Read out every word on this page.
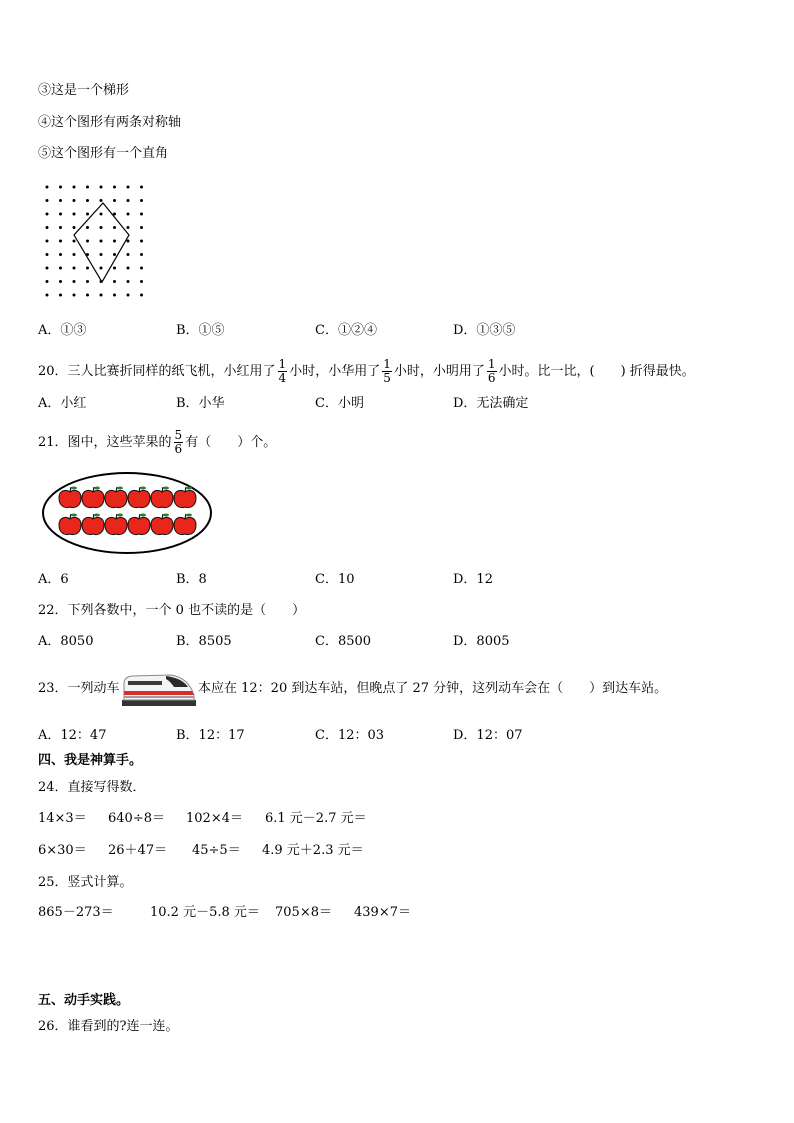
③这是一个梯形
④这个图形有两条对称轴
⑤这个图形有一个直角
A．①③	B．①⑤	C．①②④	D．①③⑤
20．三人比赛折同样的纸飞机，小红用了 $\frac{1}{4}$ 小时，小华用了 $\frac{1}{5}$ 小时，小明用了 $\frac{1}{6}$ 小时。比一比，(　　) 折得最快。
A．小红	B．小华	C．小明	D．无法确定
21．图中，这些苹果的 $\frac{5}{6}$ 有（　　）个。
A．6	B．8	C．10	D．12
22．下列各数中，一个 0 也不读的是（　　）
A．8050	B．8505	C．8500	D．8005
23．一列动车	本应在 12：20 到达车站，但晚点了 27 分钟，这列动车会在（　　）到达车站。
A．12：47	B．12：17	C．12：03	D．12：07
四、我是神算手。
24．直接写得数．
14×3＝ 640÷8＝ 102×4＝ 6.1 元－2.7 元＝
6×30＝ 26＋47＝ 45÷5＝ 4.9 元＋2.3 元＝
25．竖式计算。
865－273＝	10.2 元－5.8 元＝ 705×8＝ 439×7＝
五、动手实践。
26．谁看到的?连一连。
